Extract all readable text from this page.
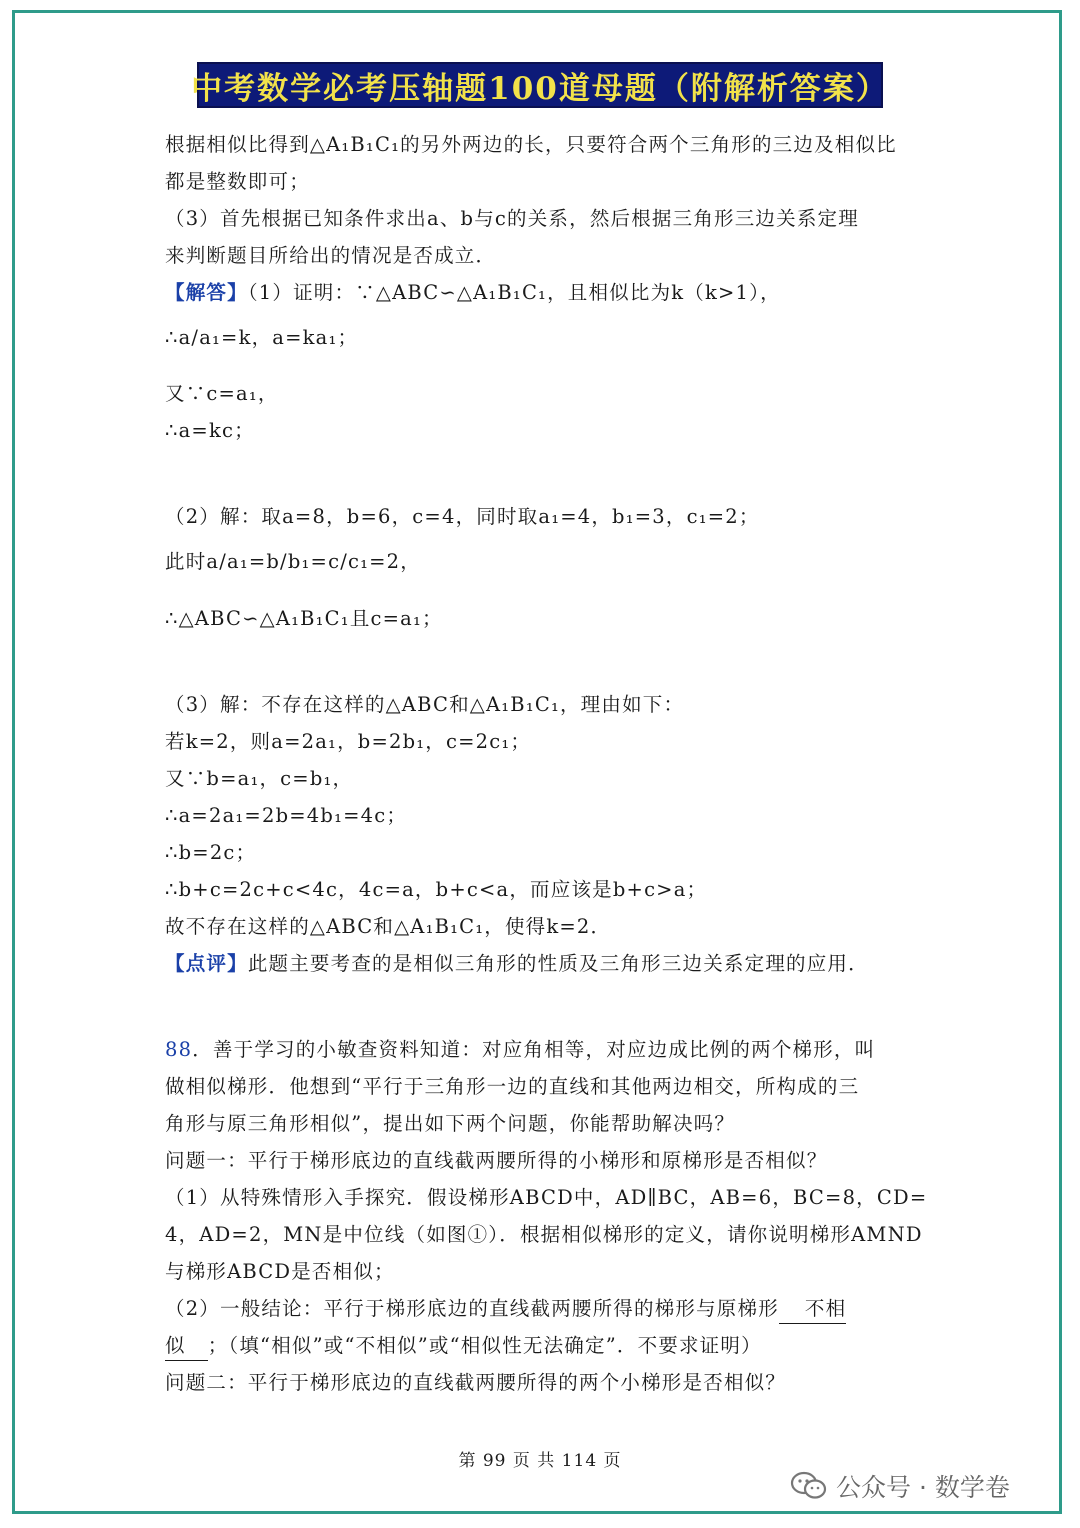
中考数学必考压轴题100道母题（附解析答案）
根据相似比得到△A₁B₁C₁的另外两边的长，只要符合两个三角形的三边及相似比
都是整数即可；
（3）首先根据已知条件求出a、b与c的关系，然后根据三角形三边关系定理
来判断题目所给出的情况是否成立．
【解答】（1）证明：∵△ABC∽△A₁B₁C₁，且相似比为k（k>1），
∴a/a₁=k，a=ka₁；
又∵c=a₁，
∴a=kc；
（2）解：取a=8，b=6，c=4，同时取a₁=4，b₁=3，c₁=2；
此时a/a₁=b/b₁=c/c₁=2，
∴△ABC∽△A₁B₁C₁且c=a₁；
（3）解：不存在这样的△ABC和△A₁B₁C₁，理由如下：
若k=2，则a=2a₁，b=2b₁，c=2c₁；
又∵b=a₁，c=b₁，
∴a=2a₁=2b=4b₁=4c；
∴b=2c；
∴b+c=2c+c<4c，4c=a，b+c<a，而应该是b+c>a；
故不存在这样的△ABC和△A₁B₁C₁，使得k=2．
【点评】此题主要考查的是相似三角形的性质及三角形三边关系定理的应用．
88．善于学习的小敏查资料知道：对应角相等，对应边成比例的两个梯形，叫
做相似梯形．他想到“平行于三角形一边的直线和其他两边相交，所构成的三
角形与原三角形相似”，提出如下两个问题，你能帮助解决吗？
问题一：平行于梯形底边的直线截两腰所得的小梯形和原梯形是否相似？
（1）从特殊情形入手探究．假设梯形ABCD中，AD∥BC，AB=6，BC=8，CD=
4，AD=2，MN是中位线（如图①）．根据相似梯形的定义，请你说明梯形AMND
与梯形ABCD是否相似；
（2）一般结论：平行于梯形底边的直线截两腰所得的梯形与原梯形 不相
似 ；（填“相似”或“不相似”或“相似性无法确定”．不要求证明）
问题二：平行于梯形底边的直线截两腰所得的两个小梯形是否相似？
第 99 页 共 114 页
公众号 · 数学卷
